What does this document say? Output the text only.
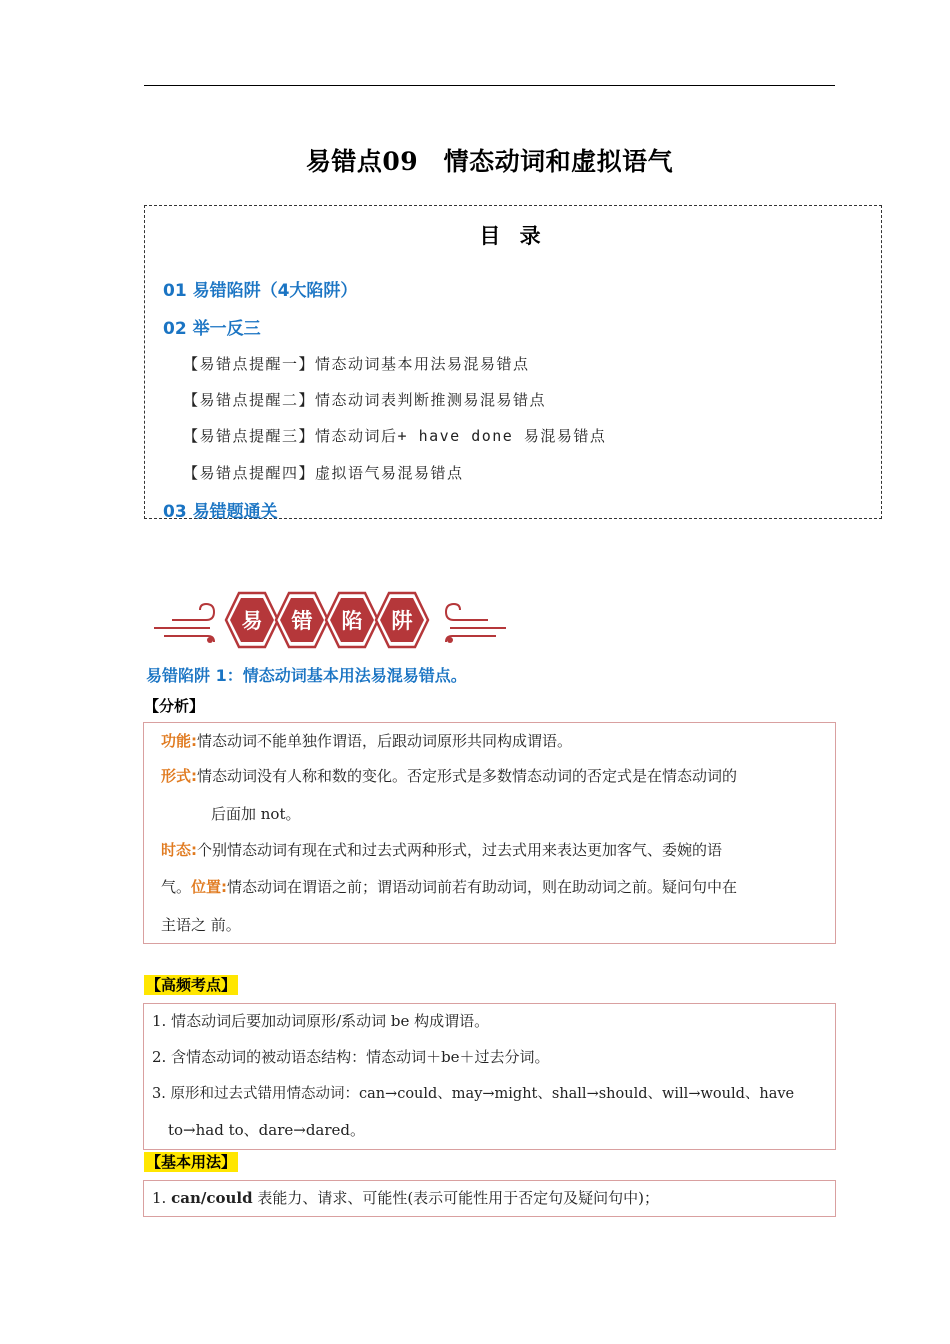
易错点09　情态动词和虚拟语气
目 录
01 易错陷阱（4大陷阱）
02 举一反三
【易错点提醒一】情态动词基本用法易混易错点
【易错点提醒二】情态动词表判断推测易混易错点
【易错点提醒三】情态动词后+ have done 易混易错点
【易错点提醒四】虚拟语气易混易错点
03 易错题通关
易 错 陷 阱
易错陷阱 1：情态动词基本用法易混易错点。
【分析】
功能:情态动词不能单独作谓语，后跟动词原形共同构成谓语。
形式:情态动词没有人称和数的变化。否定形式是多数情态动词的否定式是在情态动词的
后面加 not。
时态:个别情态动词有现在式和过去式两种形式，过去式用来表达更加客气、委婉的语
气。位置:情态动词在谓语之前；谓语动词前若有助动词，则在助动词之前。疑问句中在
主语之 前。
【高频考点】
1. 情态动词后要加动词原形/系动词 be 构成谓语。
2. 含情态动词的被动语态结构：情态动词＋be＋过去分词。
3. 原形和过去式错用情态动词：can→could、may→might、shall→should、will→would、have
to→had to、dare→dared。
【基本用法】
1. can/could 表能力、请求、可能性(表示可能性用于否定句及疑问句中)；
